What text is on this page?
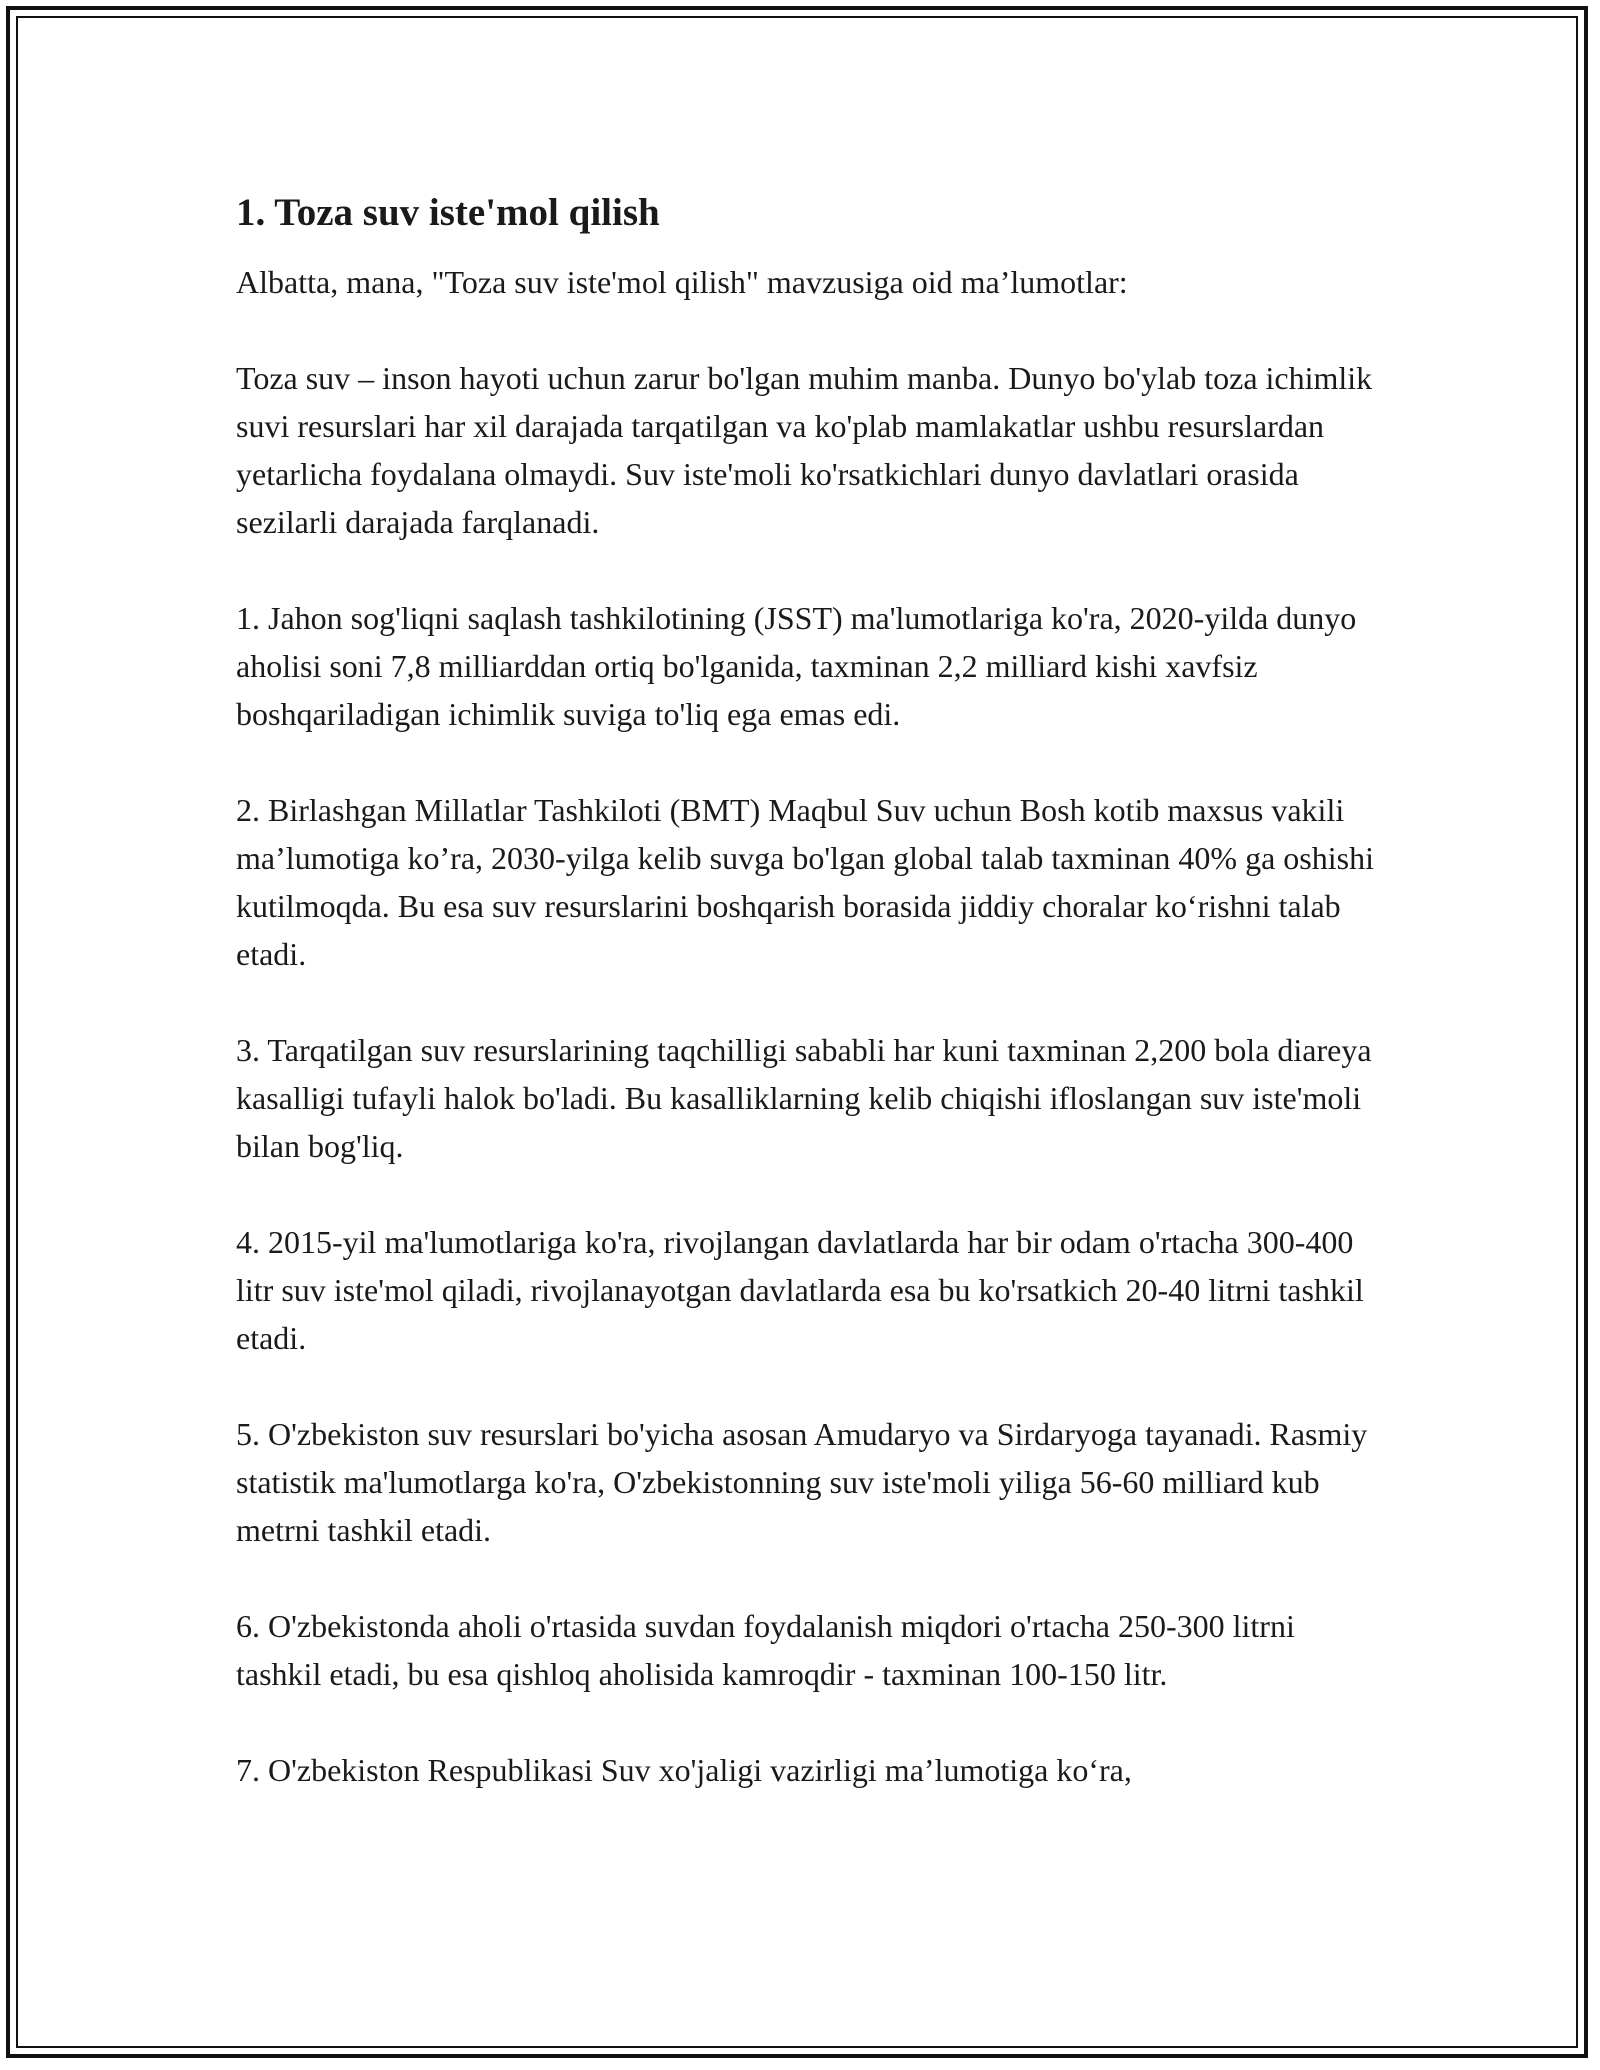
1. Toza suv iste'mol qilish

Albatta, mana, "Toza suv iste'mol qilish" mavzusiga oid ma’lumotlar:

Toza suv – inson hayoti uchun zarur bo'lgan muhim manba. Dunyo bo'ylab toza ichimlik suvi resurslari har xil darajada tarqatilgan va ko'plab mamlakatlar ushbu resurslardan yetarlicha foydalana olmaydi. Suv iste'moli ko'rsatkichlari dunyo davlatlari orasida sezilarli darajada farqlanadi.

1. Jahon sog'liqni saqlash tashkilotining (JSST) ma'lumotlariga ko'ra, 2020-yilda dunyo aholisi soni 7,8 milliarddan ortiq bo'lganida, taxminan 2,2 milliard kishi xavfsiz boshqariladigan ichimlik suviga to'liq ega emas edi.

2. Birlashgan Millatlar Tashkiloti (BMT) Maqbul Suv uchun Bosh kotib maxsus vakili ma’lumotiga ko’ra, 2030-yilga kelib suvga bo'lgan global talab taxminan 40% ga oshishi kutilmoqda. Bu esa suv resurslarini boshqarish borasida jiddiy choralar ko‘rishni talab etadi.

3. Tarqatilgan suv resurslarining taqchilligi sababli har kuni taxminan 2,200 bola diareya kasalligi tufayli halok bo'ladi. Bu kasalliklarning kelib chiqishi ifloslangan suv iste'moli bilan bog'liq.

4. 2015-yil ma'lumotlariga ko'ra, rivojlangan davlatlarda har bir odam o'rtacha 300-400 litr suv iste'mol qiladi, rivojlanayotgan davlatlarda esa bu ko'rsatkich 20-40 litrni tashkil etadi.

5. O'zbekiston suv resurslari bo'yicha asosan Amudaryo va Sirdaryoga tayanadi. Rasmiy statistik ma'lumotlarga ko'ra, O'zbekistonning suv iste'moli yiliga 56-60 milliard kub metrni tashkil etadi.

6. O'zbekistonda aholi o'rtasida suvdan foydalanish miqdori o'rtacha 250-300 litrni tashkil etadi, bu esa qishloq aholisida kamroqdir - taxminan 100-150 litr.

7. O'zbekiston Respublikasi Suv xo'jaligi vazirligi ma’lumotiga ko‘ra,
